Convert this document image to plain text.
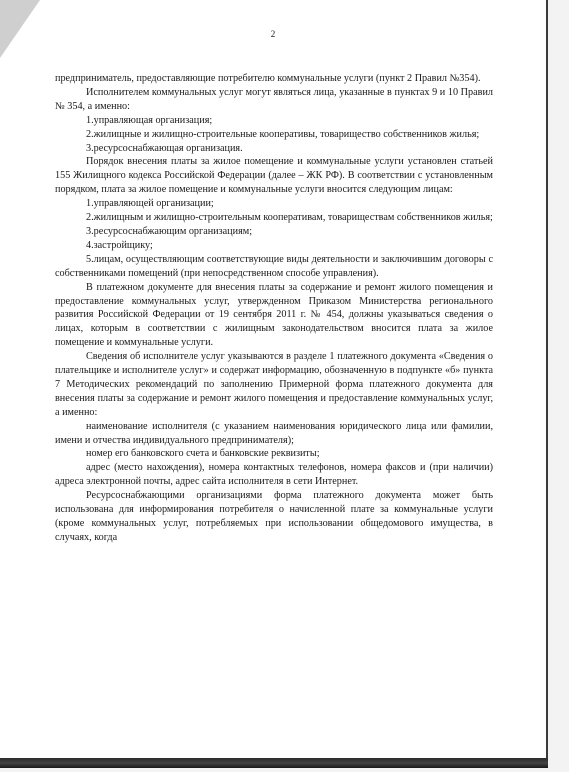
2

предприниматель, предоставляющие потребителю коммунальные услуги (пункт 2 Правил №354).

Исполнителем коммунальных услуг могут являться лица, указанные в пунктах 9 и 10 Правил № 354, а именно:

1.управляющая организация;

2.жилищные и жилищно-строительные кооперативы, товарищество собственников жилья;

3.ресурсоснабжающая организация.

Порядок внесения платы за жилое помещение и коммунальные услуги установлен статьей 155 Жилищного кодекса Российской Федерации (далее – ЖК РФ). В соответствии с установленным порядком, плата за жилое помещение и коммунальные услуги вносится следующим лицам:

1.управляющей организации;

2.жилищным и жилищно-строительным кооперативам, товариществам собственников жилья;

3.ресурсоснабжающим организациям;

4.застройщику;

5.лицам, осуществляющим соответствующие виды деятельности и заключившим договоры с собственниками помещений (при непосредственном способе управления).

В платежном документе для внесения платы за содержание и ремонт жилого помещения и предоставление коммунальных услуг, утвержденном Приказом Министерства регионального развития Российской Федерации от 19 сентября 2011 г. № 454, должны указываться сведения о лицах, которым в соответствии с жилищным законодательством вносится плата за жилое помещение и коммунальные услуги.

Сведения об исполнителе услуг указываются в разделе 1 платежного документа «Сведения о плательщике и исполнителе услуг» и содержат информацию, обозначенную в подпункте «б» пункта 7 Методических рекомендаций по заполнению Примерной форма платежного документа для внесения платы за содержание и ремонт жилого помещения и предоставление коммунальных услуг, а именно:

наименование исполнителя (с указанием наименования юридического лица или фамилии, имени и отчества индивидуального предпринимателя);

номер его банковского счета и банковские реквизиты;

адрес (место нахождения), номера контактных телефонов, номера факсов и (при наличии) адреса электронной почты, адрес сайта исполнителя в сети Интернет.

Ресурсоснабжающими организациями форма платежного документа может быть использована для информирования потребителя о начисленной плате за коммунальные услуги (кроме коммунальных услуг, потребляемых при использовании общедомового имущества, в случаях, когда
